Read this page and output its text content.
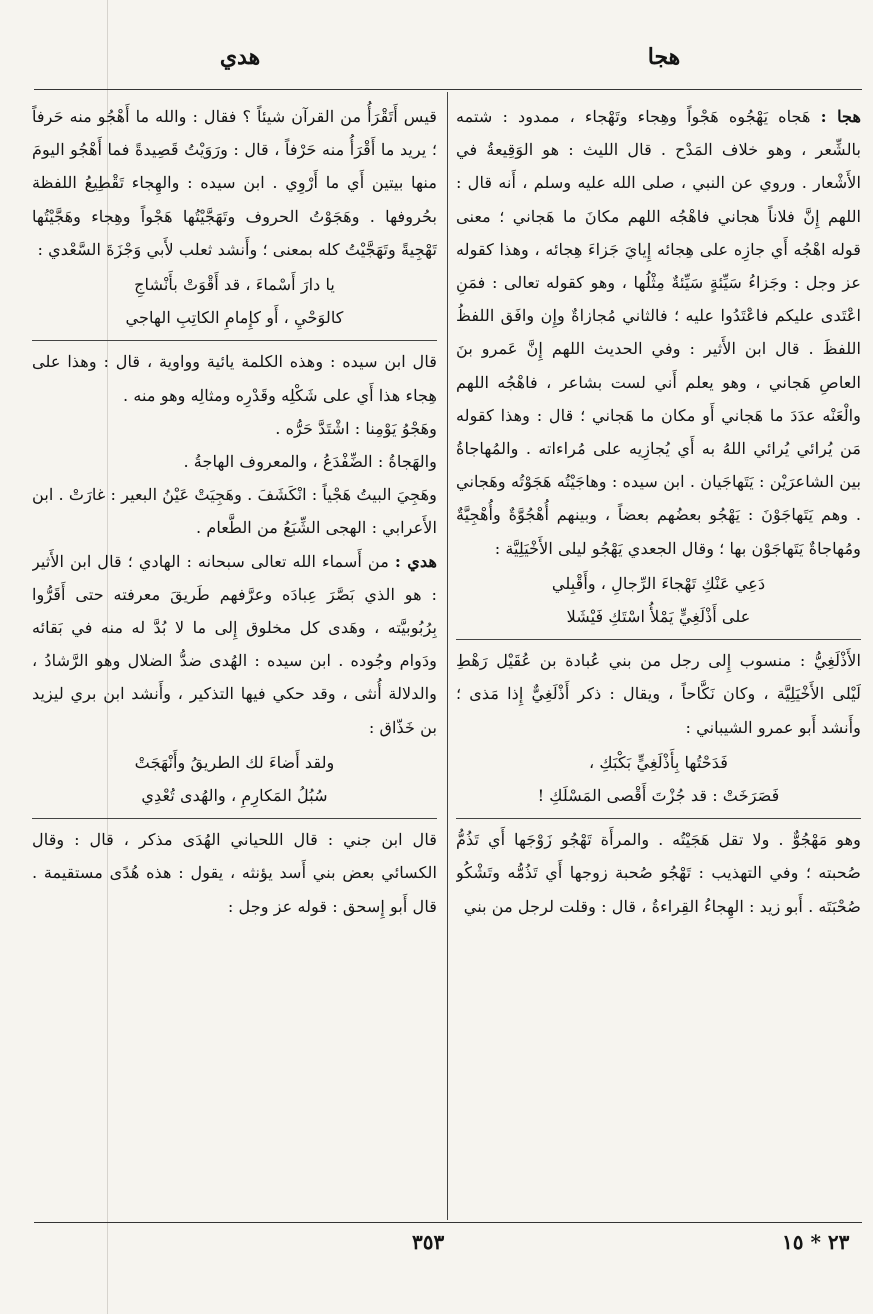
هجا
هدي

هجا : هَجاه يَهْجُوه هَجْواً وهِجاء وتَهْجاء ، ممدود : شتمه بالشِّعر ، وهو خلاف المَدْح . قال الليث : هو الوَقِيعةُ في الأَشْعار . وروي عن النبي ، صلى الله عليه وسلم ، أَنه قال : اللهم إِنَّ فلاناً هجاني فاهْجُه اللهم مكانَ ما هَجاني ؛ معنى قوله اهْجُه أَي جازِه على هِجائه إِيايَ جَزاءَ هِجائه ، وهذا كقوله عز وجل : وجَزاءُ سَيِّئةٍ سَيِّئةٌ مِثْلُها ، وهو كقوله تعالى : فمَنِ اعْتَدى عليكم فاعْتَدُوا عليه ؛ فالثاني مُجازاةٌ وإِن وافَق اللفظُ اللفظَ . قال ابن الأَثير : وفي الحديث اللهم إِنَّ عَمرو بنَ العاصِ هَجاني ، وهو يعلم أَني لست بشاعر ، فاهْجُه اللهم والْعَنْه عدَدَ ما هَجاني أَو مكان ما هَجاني ؛ قال : وهذا كقوله مَن يُرائي يُرائي اللهُ به أَي يُجازِيه على مُراءاته . والمُهاجاةُ بين الشاعرَيْن : يَتَهاجَيان . ابن سيده : وهاجَيْتُه هَجَوْتُه وهَجاني . وهم يَتَهاجَوْنَ : يَهْجُو بعضُهم بعضاً ، وبينهم أُهْجُوَّةٌ وأُهْجِيَّةٌ ومُهاجاةٌ يَتَهاجَوْن بها ؛ وقال الجعدي يَهْجُو ليلى الأَخْيَلِيَّة :

دَعِي عَنْكِ تَهْجاءَ الرِّجالِ ، وأَقْبِلي
على أَذْلَغِيٍّ يَمْلأُ اسْتَكِ فَيْشَلا

الأَذْلَغِيُّ : منسوب إِلى رجل من بني عُبادة بن عُقَيْل رَهْطِ لَيْلى الأَخْيَلِيَّة ، وكان نَكَّاحاً ، ويقال : ذكر أَذْلَغِيٌّ إِذا مَذى ؛ وأَنشد أَبو عمرو الشيباني :

فَدَحْتُها بِأَذْلَغِيٍّ بَكْبَكِ ،
فَصَرَخَتْ : قد جُزْتَ أَقْصى المَسْلَكِ !

وهو مَهْجُوٌّ . ولا تقل هَجَيْتُه . والمرأَة تَهْجُو زَوْجَها أَي تَذُمُّ صُحبته ؛ وفي التهذيب : تَهْجُو صُحبة زوجها أَي تَذُمُّه وتَشْكُو صُحْبَتَه . أَبو زيد : الهِجاءُ القِراءةُ ، قال : وقلت لرجل من بني

قيس أَتَقْرَأُ من القرآن شيئاً ؟ فقال : والله ما أَهْجُو منه حَرفاً ؛ يريد ما أَقْرَأُ منه حَرْفاً ، قال : ورَوَيْتُ قَصِيدةً فما أَهْجُو اليومَ منها بيتين أَي ما أَرْوِي . ابن سيده : والهِجاء تَقْطِيعُ اللفظة بحُروفها . وهَجَوْتُ الحروف وتَهَجَّيْتُها هَجْواً وهِجاء وهَجَّيْتُها تَهْجِيةً وتَهَجَّيْتُ كله بمعنى ؛ وأَنشد ثعلب لأَبي وَجْزَةَ السَّعْدي :

يا دارَ أَسْماءَ ، قد أَقْوَتْ بأَنْشاجِ
كالوَحْيِ ، أَو كإِمامِ الكاتِبِ الهاجي

قال ابن سيده : وهذه الكلمة يائية وواوية ، قال : وهذا على هِجاء هذا أَي على شَكْلِه وقَدْرِه ومثالِه وهو منه .
وهَجْوُ يَوْمِنا : اشْتَدَّ حَرُّه .
والهَجاةُ : الضِّفْدَعُ ، والمعروف الهاجةُ .
وهَجِيَ البيتُ هَجْياً : انْكَشَفَ . وهَجِيَتْ عَيْنُ البعير : غارَتْ . ابن الأَعرابي : الهجى الشِّبَعُ من الطَّعام .

هدي : من أَسماء الله تعالى سبحانه : الهادي ؛ قال ابن الأَثير : هو الذي بَصَّرَ عِبادَه وعرَّفهم طَريقَ معرفته حتى أَقَرُّوا بِرُبُوبيَّته ، وهَدى كل مخلوق إِلى ما لا بُدَّ له منه في بَقائه ودَوام وجُوده . ابن سيده : الهُدى ضدُّ الضلال وهو الرَّشادُ ، والدلالة أُنثى ، وقد حكي فيها التذكير ، وأَنشد ابن بري ليزيد بن خَذّاق :

ولقد أَضاءَ لك الطريقُ وأَنْهَجَتْ
سُبُلُ المَكارِمِ ، والهُدى تُعْدِي

قال ابن جني : قال اللحياني الهُدَى مذكر ، قال : وقال الكسائي بعض بني أَسد يؤنثه ، يقول : هذه هُدًى مستقيمة . قال أَبو إِسحق : قوله عز وجل :

٣٥٣	٢٣ * ١٥
